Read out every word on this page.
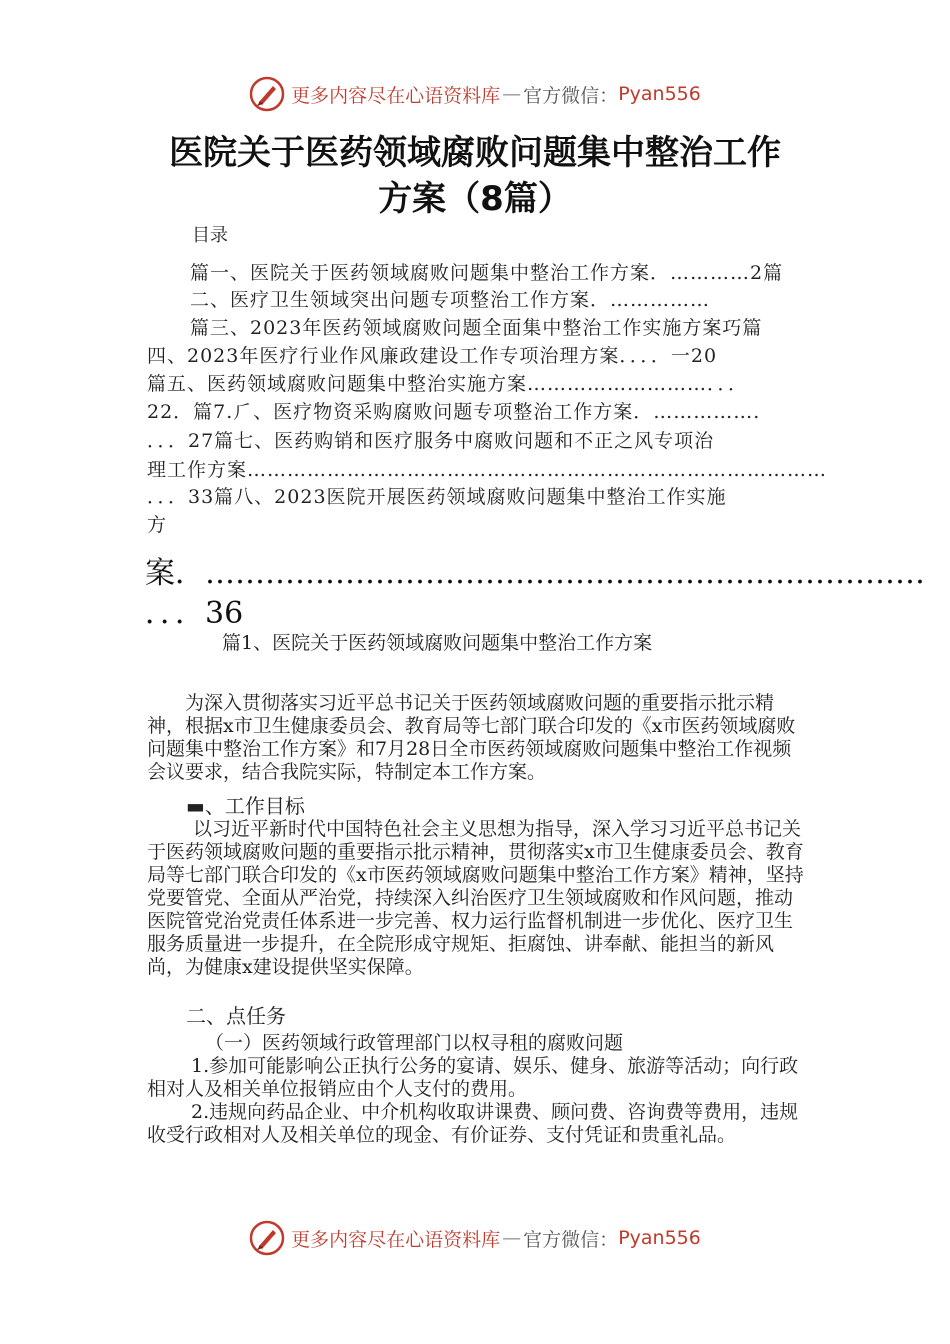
更多内容尽在心语资料库 — 官方微信： Pyan556
医院关于医药领域腐败问题集中整治工作
方案（8篇）
目录
篇一、医院关于医药领域腐败问题集中整治工作方案．…………2篇
二、医疗卫生领域突出问题专项整治工作方案．……………
篇三、2023年医药领域腐败问题全面集中整治工作实施方案巧篇
四、2023年医疗行业作风廉政建设工作专项治理方案．．．．一20
篇五、医药领域腐败问题集中整治实施方案………………………．．．
22．篇7.⺁、医疗物资采购腐败问题专项整治工作方案．…………….
．．．27篇七、医药购销和医疗服务中腐败问题和不正之风专项治
理工作方案……………………………………………………………………………
．．．33篇八、2023医院开展医药领域腐败问题集中整治工作实施
方
案．………………………………………………………………
．．．36
篇1、医院关于医药领域腐败问题集中整治工作方案
为深入贯彻落实习近平总书记关于医药领域腐败问题的重要指示批示精神，根据x市卫生健康委员会、教育局等七部门联合印发的《x市医药领域腐败问题集中整治工作方案》和7月28日全市医药领域腐败问题集中整治工作视频会议要求，结合我院实际，特制定本工作方案。
▬、工作目标
以习近平新时代中国特色社会主义思想为指导，深入学习习近平总书记关于医药领域腐败问题的重要指示批示精神，贯彻落实x市卫生健康委员会、教育局等七部门联合印发的《x市医药领域腐败问题集中整治工作方案》精神，坚持党要管党、全面从严治党，持续深入纠治医疗卫生领域腐败和作风问题，推动医院管党治党责任体系进一步完善、权力运行监督机制进一步优化、医疗卫生服务质量进一步提升，在全院形成守规矩、拒腐蚀、讲奉献、能担当的新风尚，为健康x建设提供坚实保障。
二、点任务
（一）医药领域行政管理部门以权寻租的腐败问题
1.参加可能影响公正执行公务的宴请、娱乐、健身、旅游等活动；向行政相对人及相关单位报销应由个人支付的费用。
2.违规向药品企业、中介机构收取讲课费、顾问费、咨询费等费用，违规收受行政相对人及相关单位的现金、有价证券、支付凭证和贵重礼品。
更多内容尽在心语资料库 — 官方微信： Pyan556
